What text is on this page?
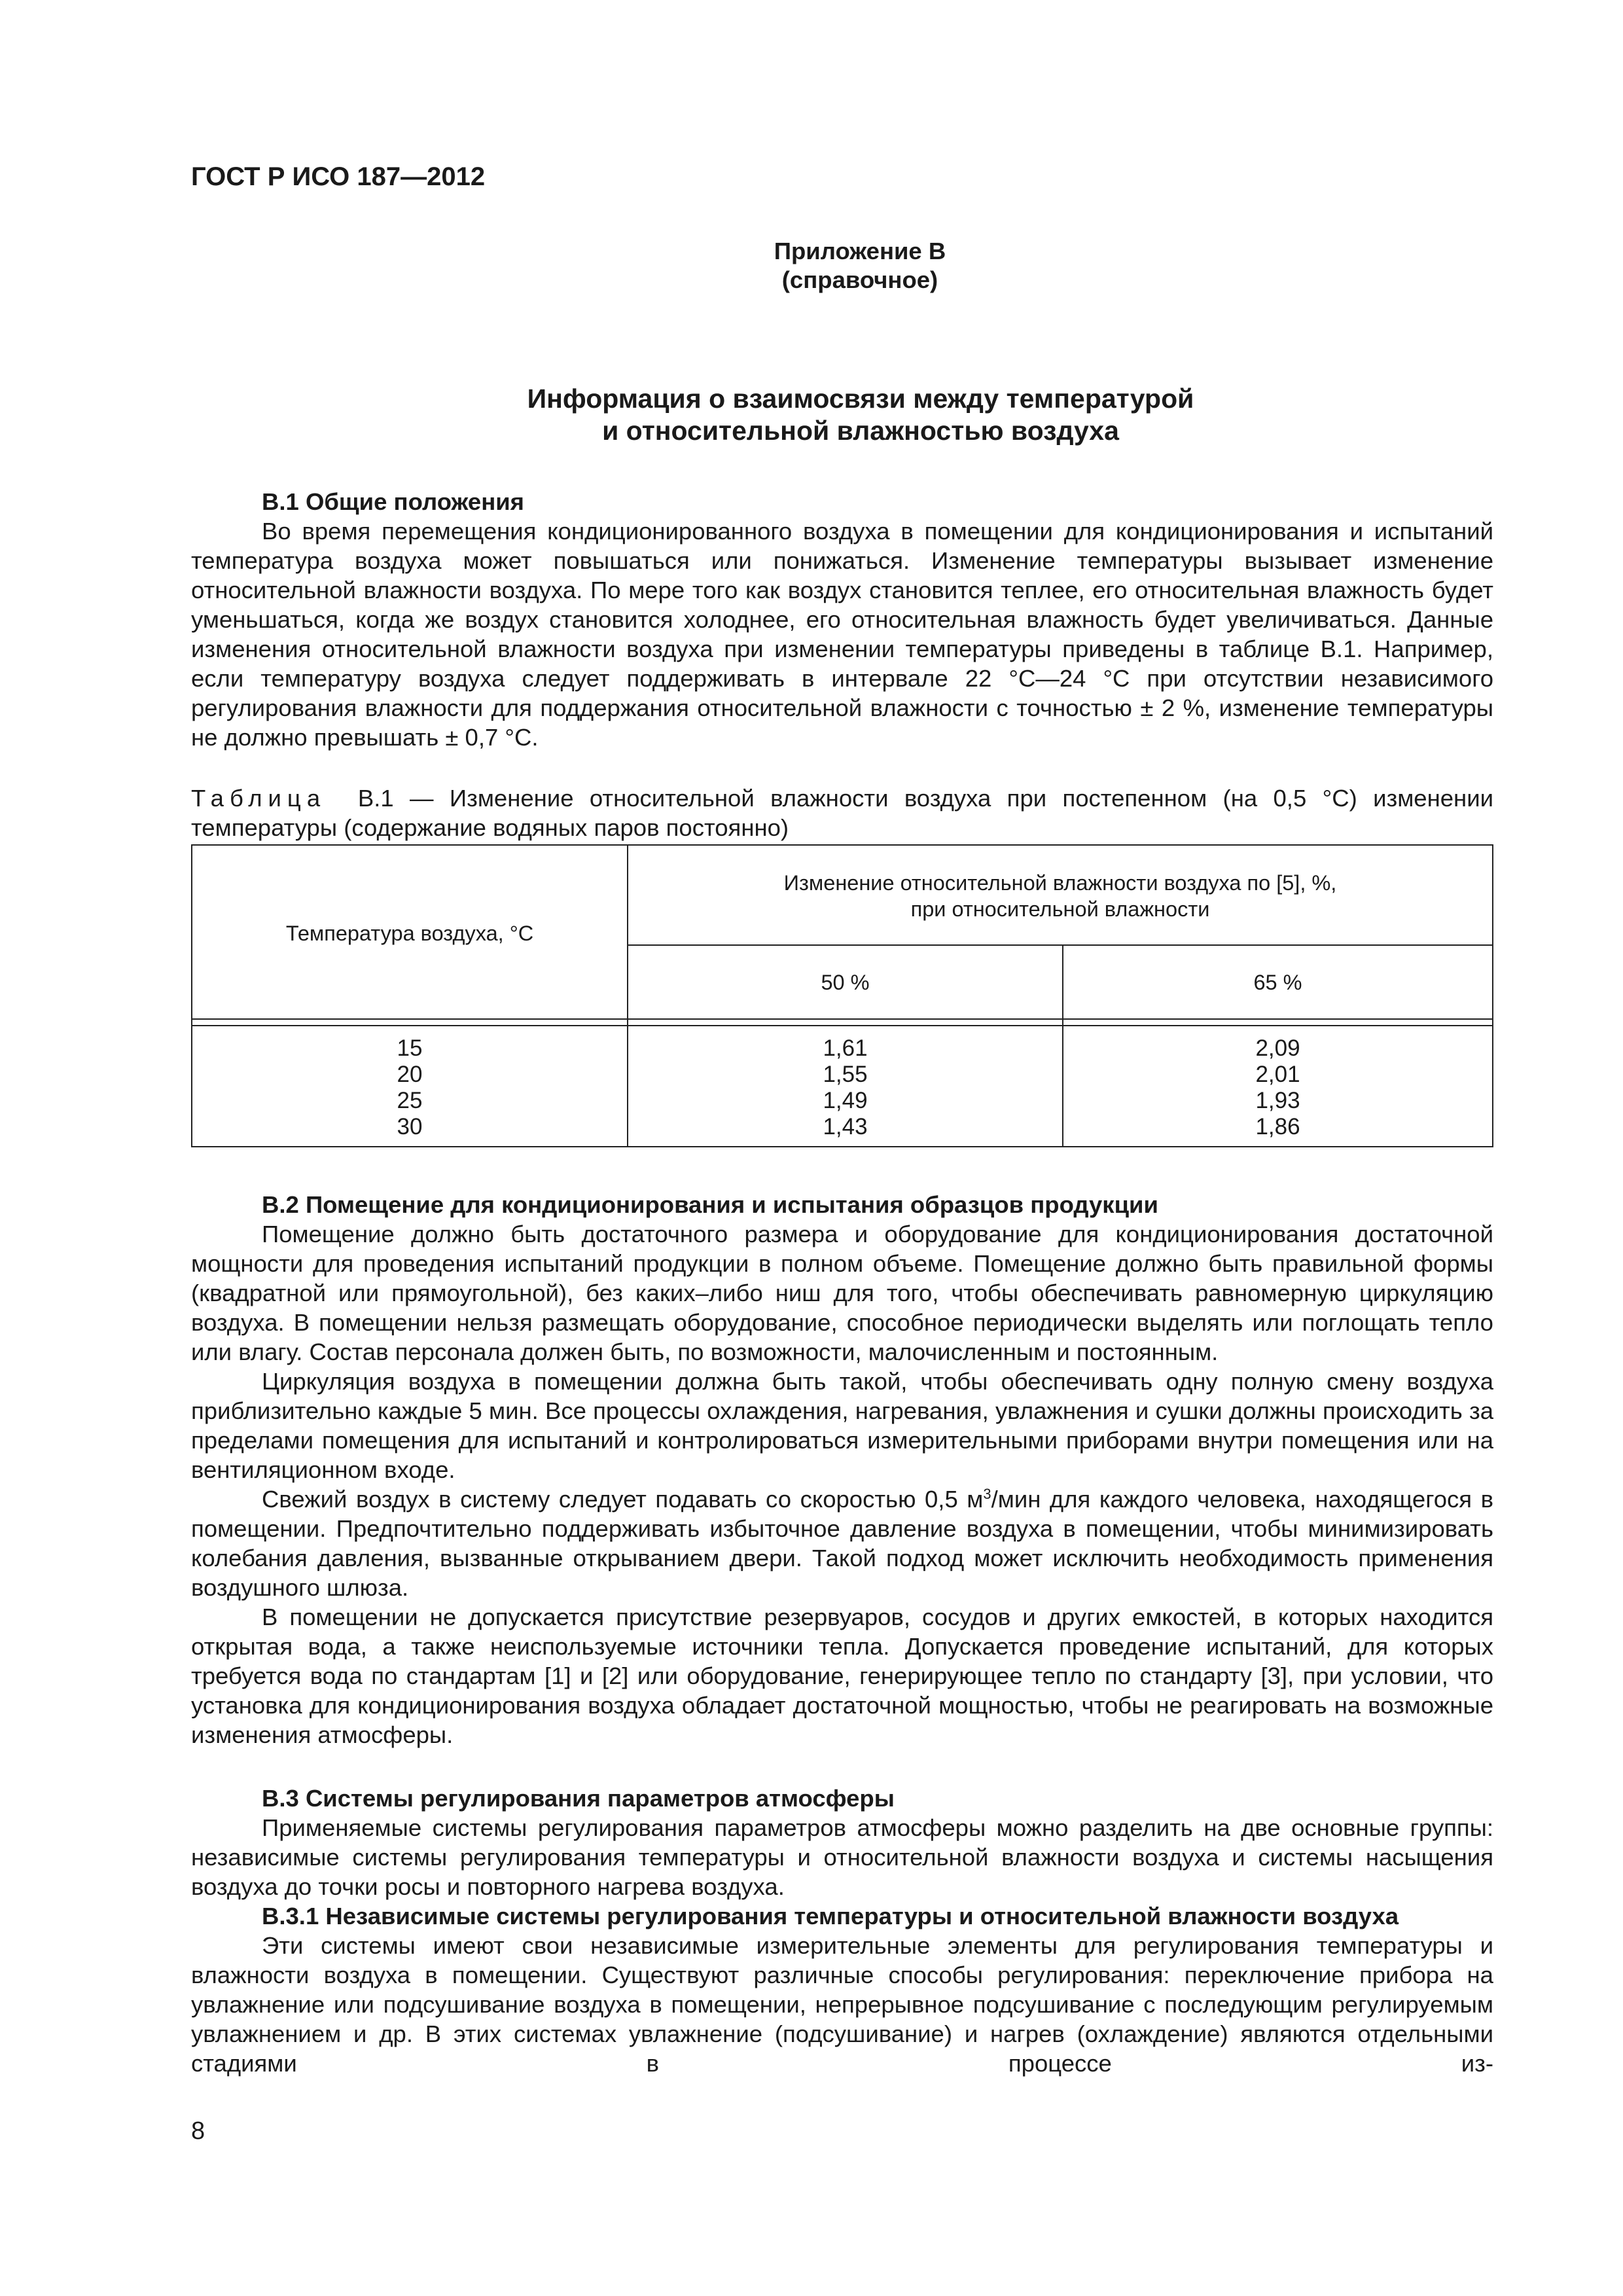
ГОСТ Р ИСО 187—2012
Приложение В
(справочное)
Информация о взаимосвязи между температурой
и относительной влажностью воздуха
В.1 Общие положения

Во время перемещения кондиционированного воздуха в помещении для кондиционирования и испытаний температура воздуха может повышаться или понижаться. Изменение температуры вызывает изменение относительной влажности воздуха. По мере того как воздух становится теплее, его относительная влажность будет уменьшаться, когда же воздух становится холоднее, его относительная влажность будет увеличиваться. Данные изменения относительной влажности воздуха при изменении температуры приведены в таблице В.1. Например, если температуру воздуха следует поддерживать в интервале 22 °С—24 °С при отсутствии независимого регулирования влажности для поддержания относительной влажности с точностью ± 2 %, изменение температуры не должно превышать ± 0,7 °С.

Таблица В.1 — Изменение относительной влажности воздуха при постепенном (на 0,5 °С) изменении температуры (содержание водяных паров постоянно)

Температура воздуха, °С
Изменение относительной влажности воздуха по [5], %,
при относительной влажности
50 %	65 %
15
20
25
30
1,61
1,55
1,49
1,43
2,09
2,01
1,93
1,86
В.2 Помещение для кондиционирования и испытания образцов продукции

Помещение должно быть достаточного размера и оборудование для кондиционирования достаточной мощности для проведения испытаний продукции в полном объеме. Помещение должно быть правильной формы (квадратной или прямоугольной), без каких–либо ниш для того, чтобы обеспечивать равномерную циркуляцию воздуха. В помещении нельзя размещать оборудование, способное периодически выделять или поглощать тепло или влагу. Состав персонала должен быть, по возможности, малочисленным и постоянным.

Циркуляция воздуха в помещении должна быть такой, чтобы обеспечивать одну полную смену воздуха приблизительно каждые 5 мин. Все процессы охлаждения, нагревания, увлажнения и сушки должны происходить за пределами помещения для испытаний и контролироваться измерительными приборами внутри помещения или на вентиляционном входе.

Свежий воздух в систему следует подавать со скоростью 0,5 $м^3$/мин для каждого человека, находящегося в помещении. Предпочтительно поддерживать избыточное давление воздуха в помещении, чтобы минимизировать колебания давления, вызванные открыванием двери. Такой подход может исключить необходимость применения воздушного шлюза.

В помещении не допускается присутствие резервуаров, сосудов и других емкостей, в которых находится открытая вода, а также неиспользуемые источники тепла. Допускается проведение испытаний, для которых требуется вода по стандартам [1] и [2] или оборудование, генерирующее тепло по стандарту [3], при условии, что установка для кондиционирования воздуха обладает достаточной мощностью, чтобы не реагировать на возможные изменения атмосферы.

В.3 Системы регулирования параметров атмосферы

Применяемые системы регулирования параметров атмосферы можно разделить на две основные группы: независимые системы регулирования температуры и относительной влажности воздуха и системы насыщения воздуха до точки росы и повторного нагрева воздуха.

В.3.1 Независимые системы регулирования температуры и относительной влажности воздуха

Эти системы имеют свои независимые измерительные элементы для регулирования температуры и влажности воздуха в помещении. Существуют различные способы регулирования: переключение прибора на увлажнение или подсушивание воздуха в помещении, непрерывное подсушивание с последующим регулируемым увлажнением и др. В этих системах увлажнение (подсушивание) и нагрев (охлаждение) являются отдельными стадиями в процессе из-

8
